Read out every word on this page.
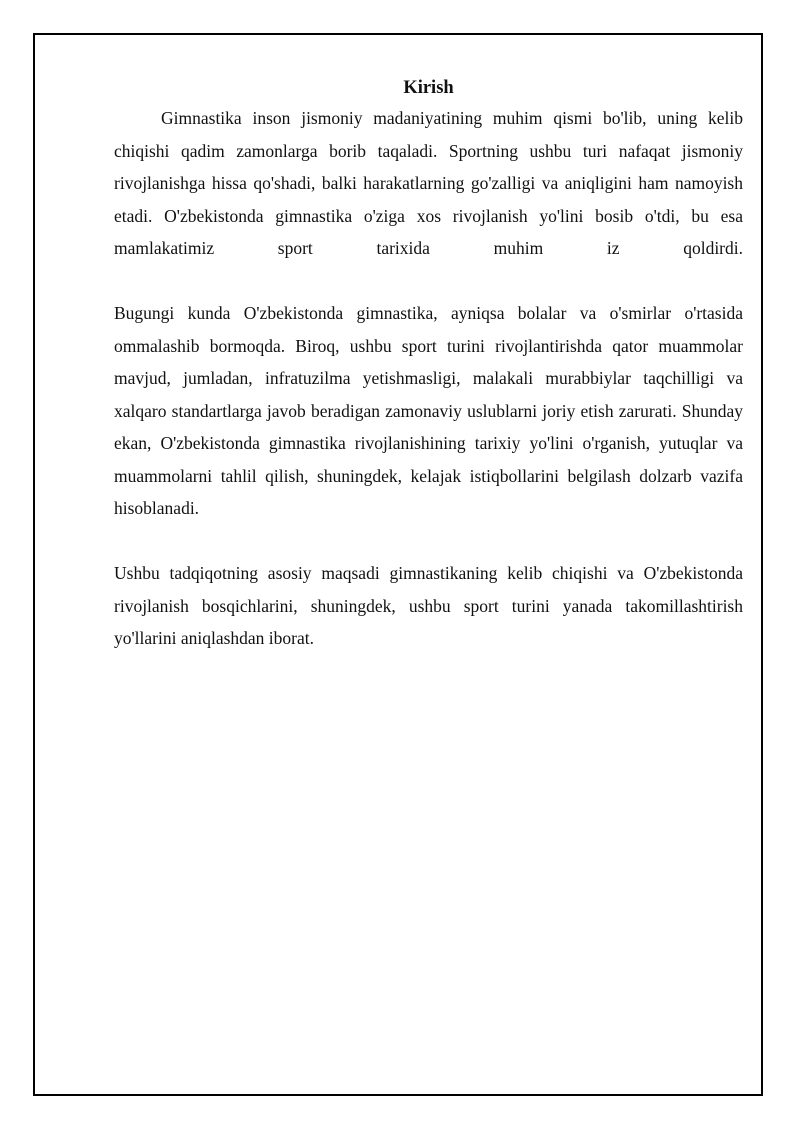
Kirish

Gimnastika inson jismoniy madaniyatining muhim qismi bo'lib, uning kelib chiqishi qadim zamonlarga borib taqaladi. Sportning ushbu turi nafaqat jismoniy rivojlanishga hissa qo'shadi, balki harakatlarning go'zalligi va aniqligini ham namoyish etadi. O'zbekistonda gimnastika o'ziga xos rivojlanish yo'lini bosib o'tdi, bu esa mamlakatimiz sport tarixida muhim iz qoldirdi.

Bugungi kunda O'zbekistonda gimnastika, ayniqsa bolalar va o'smirlar o'rtasida ommalashib bormoqda. Biroq, ushbu sport turini rivojlantirishda qator muammolar mavjud, jumladan, infratuzilma yetishmasligi, malakali murabbiylar taqchilligi va xalqaro standartlarga javob beradigan zamonaviy uslublarni joriy etish zarurati. Shunday ekan, O'zbekistonda gimnastika rivojlanishining tarixiy yo'lini o'rganish, yutuqlar va muammolarni tahlil qilish, shuningdek, kelajak istiqbollarini belgilash dolzarb vazifa hisoblanadi.

Ushbu tadqiqotning asosiy maqsadi gimnastikaning kelib chiqishi va O'zbekistonda rivojlanish bosqichlarini, shuningdek, ushbu sport turini yanada takomillashtirish yo'llarini aniqlashdan iborat.
